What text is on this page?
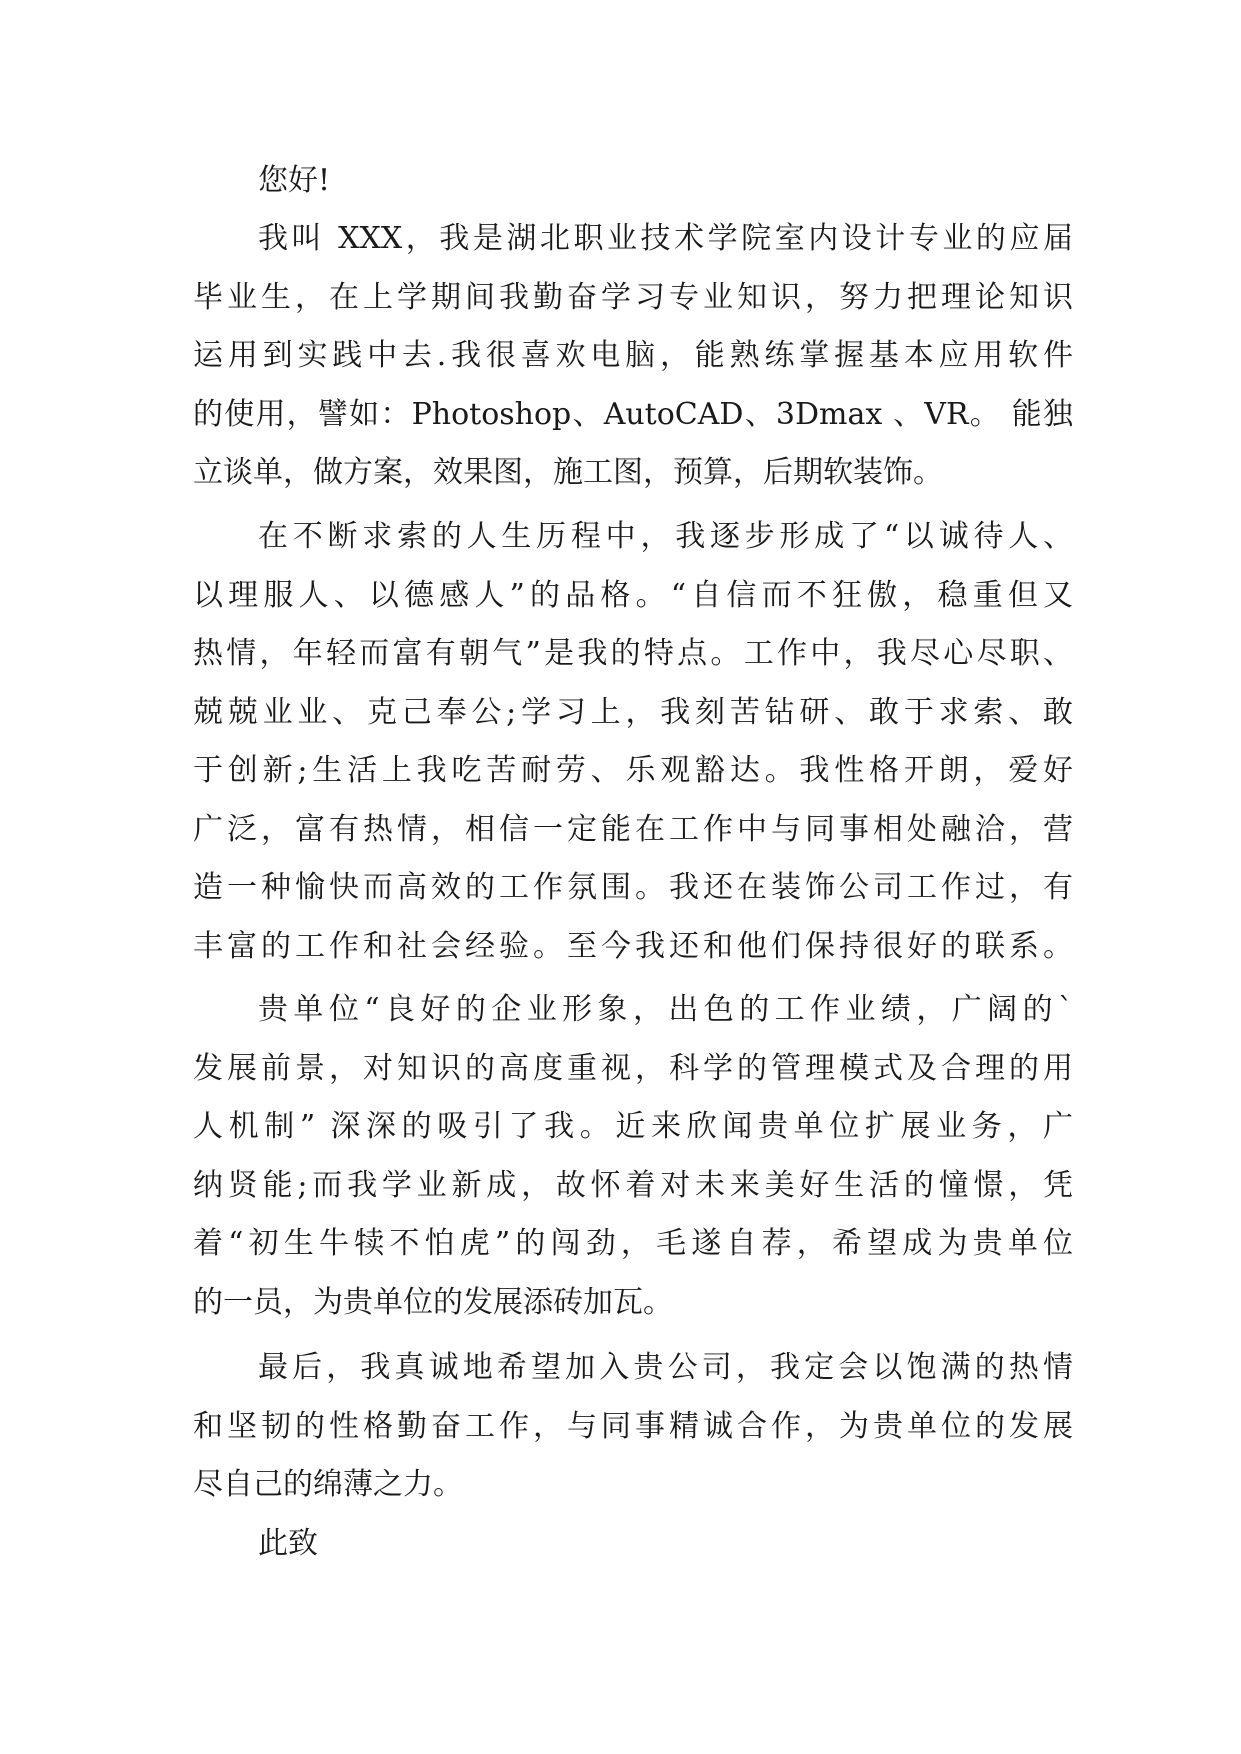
您好!
我叫 XXX，我是湖北职业技术学院室内设计专业的应届
毕业生，在上学期间我勤奋学习专业知识，努力把理论知识
运用到实践中去.我很喜欢电脑，能熟练掌握基本应用软件
的使用，譬如：Photoshop、AutoCAD、3Dmax 、VR。 能独
立谈单，做方案，效果图，施工图，预算，后期软装饰。
在不断求索的人生历程中，我逐步形成了“以诚待人、
以理服人、以德感人”的品格。“自信而不狂傲，稳重但又
热情，年轻而富有朝气”是我的特点。工作中，我尽心尽职、
兢兢业业、克己奉公;学习上，我刻苦钻研、敢于求索、敢
于创新;生活上我吃苦耐劳、乐观豁达。我性格开朗，爱好
广泛，富有热情，相信一定能在工作中与同事相处融洽，营
造一种愉快而高效的工作氛围。我还在装饰公司工作过，有
丰富的工作和社会经验。至今我还和他们保持很好的联系。
贵单位“良好的企业形象，出色的工作业绩，广阔的`
发展前景，对知识的高度重视，科学的管理模式及合理的用
人机制” 深深的吸引了我。近来欣闻贵单位扩展业务，广
纳贤能;而我学业新成，故怀着对未来美好生活的憧憬，凭
着“初生牛犊不怕虎”的闯劲，毛遂自荐，希望成为贵单位
的一员，为贵单位的发展添砖加瓦。
最后，我真诚地希望加入贵公司，我定会以饱满的热情
和坚韧的性格勤奋工作，与同事精诚合作，为贵单位的发展
尽自己的绵薄之力。
此致
